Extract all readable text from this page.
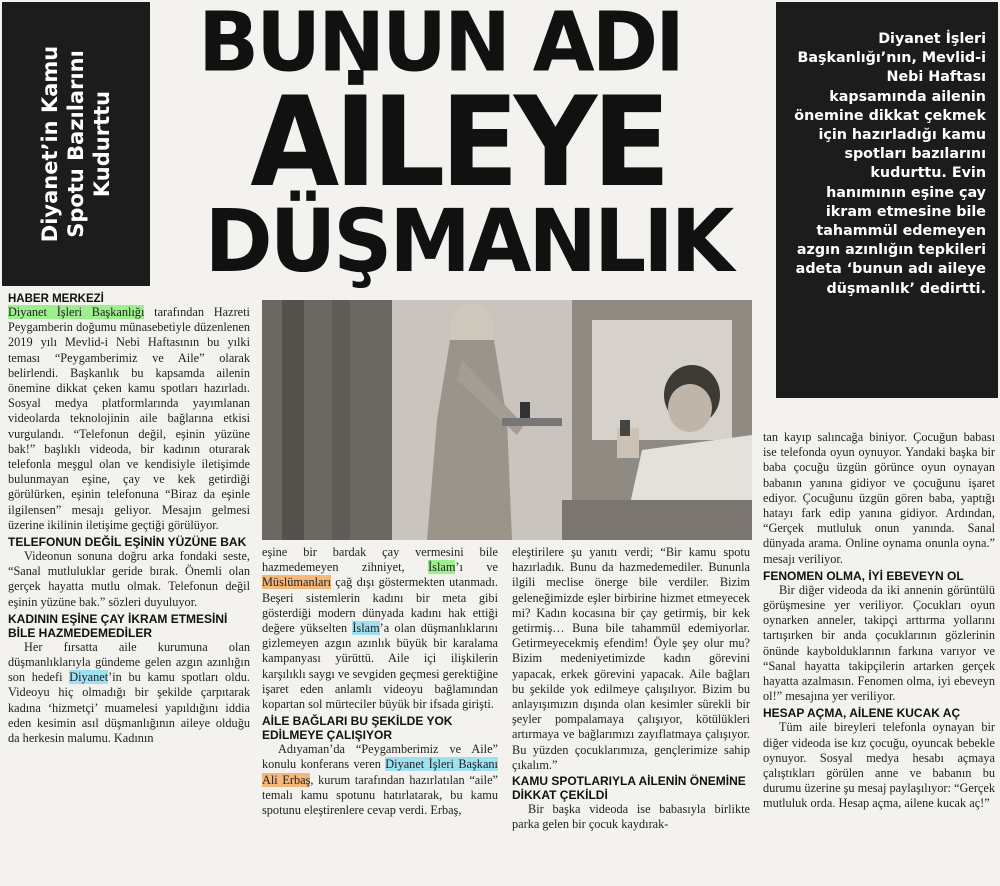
Diyanet’in Kamu Spotu Bazılarını Kudurttu
BUNUN ADI
AİLEYE
DÜŞMANLIK
Diyanet İşleri Başkanlığı’nın, Mevlid-i Nebi Haftası kapsamında ailenin önemine dikkat çekmek için hazırladığı kamu spotları bazılarını kudurttu. Evin hanımının eşine çay ikram etmesine bile tahammül edemeyen azgın azınlığın tepkileri adeta ‘bunun adı aileye düşmanlık’ dedirtti.
HABER MERKEZİ
Diyanet İşleri Başkanlığı tarafından Hazreti Peygamberin doğumu münasebetiyle düzenlenen 2019 yılı Mevlid-i Nebi Haftasının bu yılki teması “Peygamberimiz ve Aile” olarak belirlendi. Başkanlık bu kapsamda ailenin önemine dikkat çeken kamu spotları hazırladı. Sosyal medya platformlarında yayımlanan videolarda teknolojinin aile bağlarına etkisi vurgulandı. “Telefonun değil, eşinin yüzüne bak!” başlıklı videoda, bir kadının oturarak telefonla meşgul olan ve kendisiyle iletişimde bulunmayan eşine, çay ve kek getirdiği görülürken, eşinin telefonuna “Biraz da eşinle ilgilensen” mesajı geliyor. Mesajın gelmesi üzerine ikilinin iletişime geçtiği görülüyor.
TELEFONUN DEĞİL EŞİNİN YÜZÜNE BAK
Videonun sonuna doğru arka fondaki seste, “Sanal mutluluklar geride bırak. Önemli olan gerçek hayatta mutlu olmak. Telefonun değil eşinin yüzüne bak.” sözleri duyuluyor.
KADININ EŞİNE ÇAY İKRAM ETMESİNİ BİLE HAZMEDEMEDİLER
Her fırsatta aile kurumuna olan düşmanlıklarıyla gündeme gelen azgın azınlığın son hedefi Diyanet’in bu kamu spotları oldu. Videoyu hiç olmadığı bir şekilde çarpıtarak kadına ‘hizmetçi’ muamelesi yapıldığını iddia eden kesimin asıl düşmanlığının aileye olduğu da herkesin malumu. Kadının
eşine bir bardak çay vermesini bile hazmedemeyen zihniyet, İslam’ı ve Müslümanları çağ dışı göstermekten utanmadı. Beşeri sistemlerin kadını bir meta gibi gösterdiği modern dünyada kadını hak ettiği değere yükselten İslam’a olan düşmanlıklarını gizlemeyen azgın azınlık büyük bir karalama kampanyası yürüttü. Aile içi ilişkilerin karşılıklı saygı ve sevgiden geçmesi gerektiğine işaret eden anlamlı videoyu bağlamından kopartan sol mürteciler büyük bir ifsada girişti.
AİLE BAĞLARI BU ŞEKİLDE YOK EDİLMEYE ÇALIŞIYOR
Adıyaman’da “Peygamberimiz ve Aile” konulu konferans veren Diyanet İşleri Başkanı Ali Erbaş, kurum tarafından hazırlatılan “aile” temalı kamu spotunu hatırlatarak, bu kamu spotunu eleştirenlere cevap verdi. Erbaş,
eleştirilere şu yanıtı verdi; “Bir kamu spotu hazırladık. Bunu da hazmedemediler. Bununla ilgili meclise önerge bile verdiler. Bizim geleneğimizde eşler birbirine hizmet etmeyecek mi? Kadın kocasına bir çay getirmiş, bir kek getirmiş… Buna bile tahammül edemiyorlar. Getirmeyecekmiş efendim! Öyle şey olur mu? Bizim medeniyetimizde kadın görevini yapacak, erkek görevini yapacak. Aile bağları bu şekilde yok edilmeye çalışılıyor. Bizim bu anlayışımızın dışında olan kesimler sürekli bir şeyler pompalamaya çalışıyor, kötülükleri artırmaya ve bağlarımızı zayıflatmaya çalışıyor. Bu yüzden çocuklarımıza, gençlerimize sahip çıkalım.”
KAMU SPOTLARIYLA AİLENİN ÖNEMİNE DİKKAT ÇEKİLDİ
Bir başka videoda ise babasıyla birlikte parka gelen bir çocuk kaydırak-
tan kayıp salıncağa biniyor. Çocuğun babası ise telefonda oyun oynuyor. Yandaki başka bir baba çocuğu üzgün görünce oyun oynayan babanın yanına gidiyor ve çocuğunu işaret ediyor. Çocuğunu üzgün gören baba, yaptığı hatayı fark edip yanına gidiyor. Ardından, “Gerçek mutluluk onun yanında. Sanal dünyada arama. Online oynama onunla oyna.” mesajı veriliyor.
FENOMEN OLMA, İYİ EBEVEYN OL
Bir diğer videoda da iki annenin görüntülü görüşmesine yer veriliyor. Çocukları oyun oynarken anneler, takipçi arttırma yollarını tartışırken bir anda çocuklarının gözlerinin önünde kaybolduklarının farkına varıyor ve “Sanal hayatta takipçilerin artarken gerçek hayatta azalmasın. Fenomen olma, iyi ebeveyn ol!” mesajına yer veriliyor.
HESAP AÇMA, AİLENE KUCAK AÇ
Tüm aile bireyleri telefonla oynayan bir diğer videoda ise kız çocuğu, oyuncak bebekle oynuyor. Sosyal medya hesabı açmaya çalıştıkları görülen anne ve babanın bu durumu üzerine şu mesaj paylaşılıyor: “Gerçek mutluluk orda. Hesap açma, ailene kucak aç!”
